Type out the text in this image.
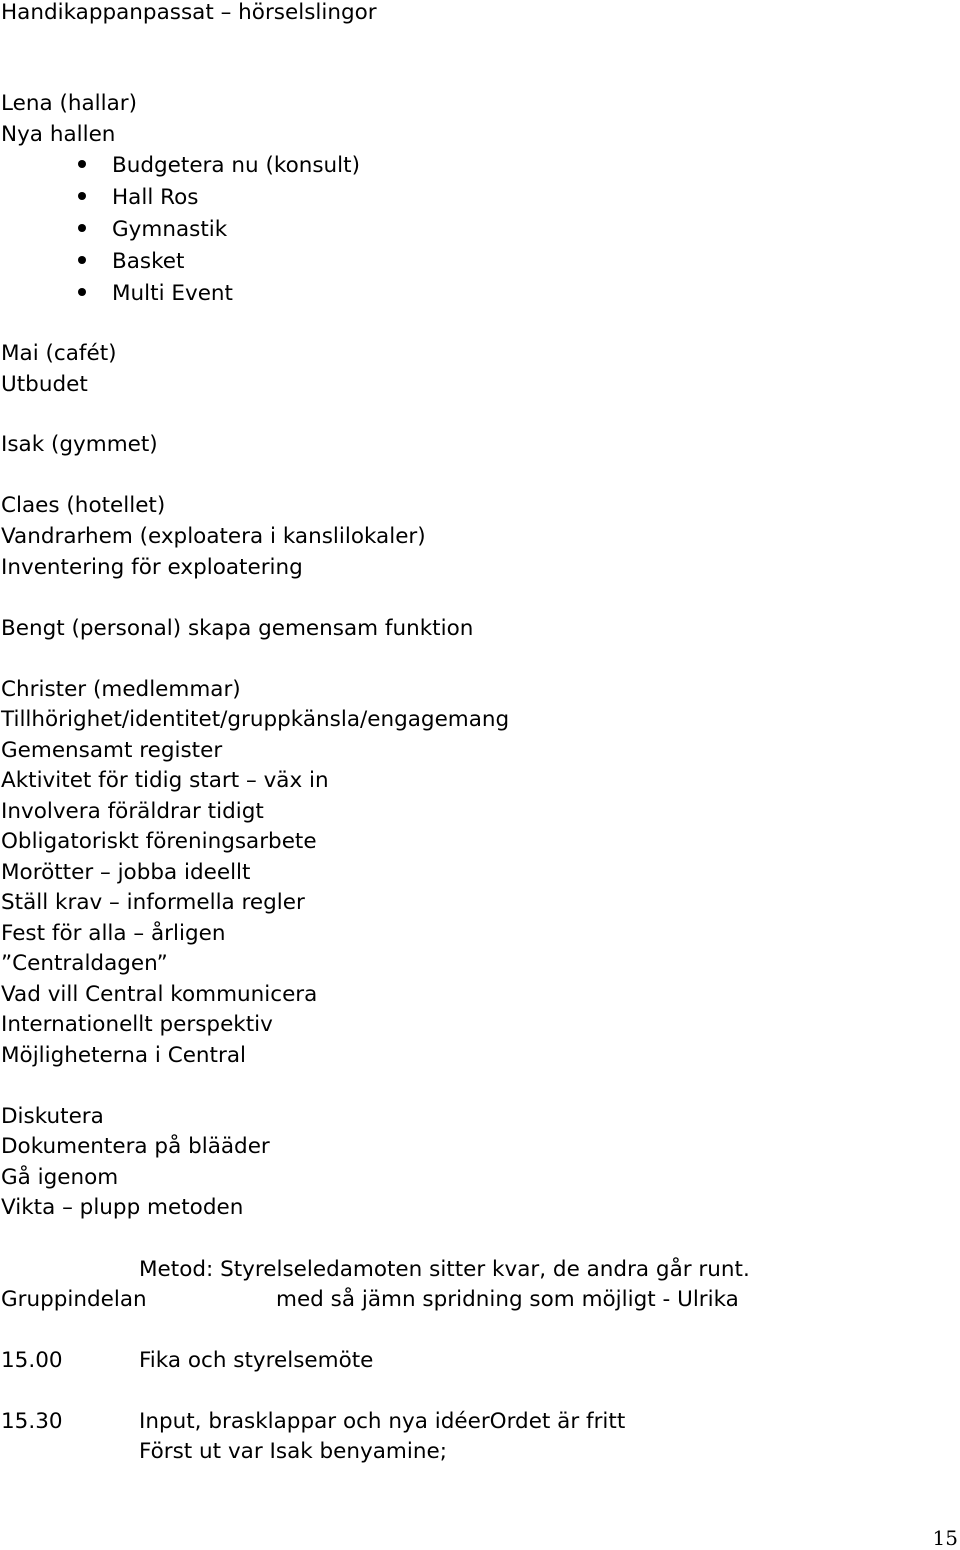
Handikappanpassat – hörselslingor
Lena (hallar)
Nya hallen
Budgetera nu (konsult)
Hall Ros
Gymnastik
Basket
Multi Event
Mai (cafét)
Utbudet
Isak (gymmet)
Claes (hotellet)
Vandrarhem (exploatera i kanslilokaler)
Inventering för exploatering
Bengt (personal) skapa gemensam funktion
Christer (medlemmar)
Tillhörighet/identitet/gruppkänsla/engagemang
Gemensamt register
Aktivitet för tidig start – väx in
Involvera föräldrar tidigt
Obligatoriskt föreningsarbete
Morötter – jobba ideellt
Ställ krav – informella regler
Fest för alla – årligen
”Centraldagen”
Vad vill Central kommunicera
Internationellt perspektiv
Möjligheterna i Central
Diskutera
Dokumentera på blääder
Gå igenom
Vikta – plupp metoden
Metod: Styrelseledamoten sitter kvar, de andra går runt.
Gruppindelan	med så jämn spridning som möjligt - Ulrika
15.00	Fika och styrelsemöte
15.30	Input, brasklappar och nya idéerOrdet är fritt
Först ut var Isak benyamine;
15
